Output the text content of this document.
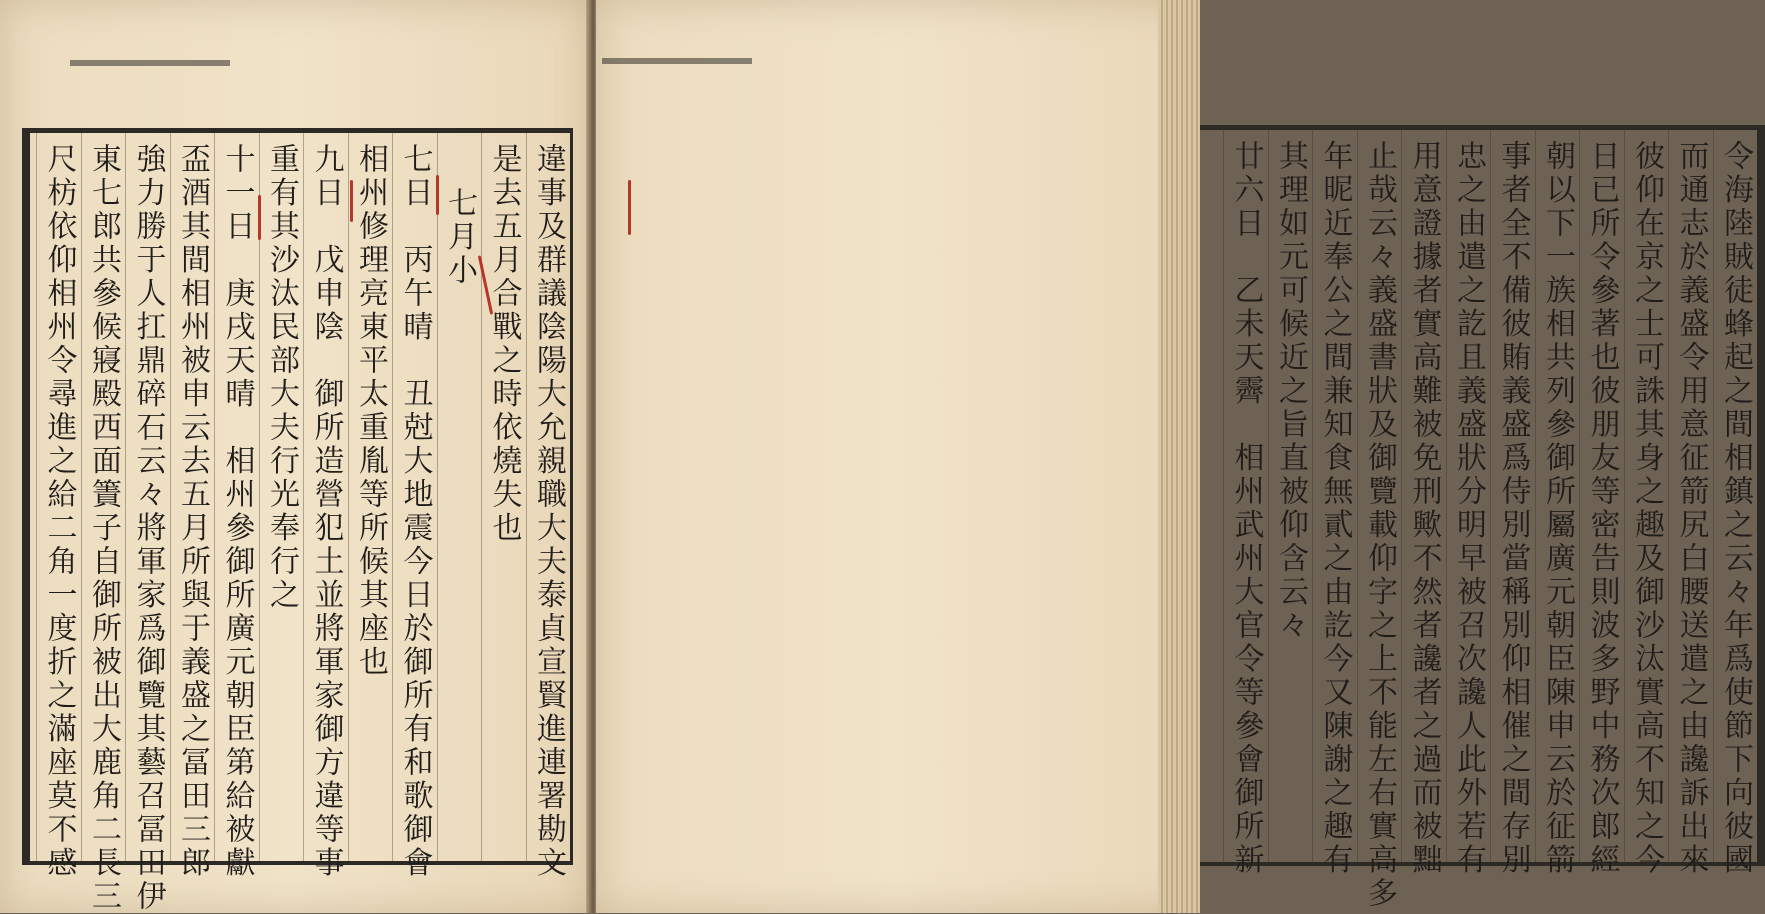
違事及群議陰陽大允親職大夫泰貞宣賢進連署勘文
是去五月合戰之時依燒失也
七月小
七日　丙午晴　丑尅大地震今日於御所有和歌御會
相州修理亮東平太重胤等所候其座也
九日　戊申陰　御所造營犯土並將軍家御方違等事
重有其沙汰民部大夫行光奉行之
十一日　庚戌天晴　相州參御所廣元朝臣第給被獻
盃酒其間相州被申云去五月所與于義盛之冨田三郎
強力勝于人扛鼎碎石云々將軍家爲御覽其藝召冨田伊
東七郎共參候寢殿西面簀子自御所被出大鹿角二長三
尺枋依仰相州令尋進之給二角一度折之滿座莫不感	令海陸賊徒蜂起之間相鎮之云々年爲使節下向彼國
而通志於義盛令用意征箭尻白腰送遣之由讒訴出來
彼仰在京之士可誅其身之趣及御沙汰實高不知之今
日已所令參著也彼朋友等密告則波多野中務次郎經
朝以下一族相共列參御所屬廣元朝臣陳申云於征箭
事者全不備彼賄義盛爲侍別當稱別仰相催之間存別
忠之由遣之訖且義盛狀分明早被召次讒人此外若有
用意證據者實高難被免刑歟不然者讒者之過而被黜
止哉云々義盛書狀及御覽載仰字之上不能左右實高多
年昵近奉公之間兼知食無貳之由訖今又陳謝之趣有
其理如元可候近之旨直被仰含云々
廿六日　乙未天霽　相州武州大官令等參會御所新
